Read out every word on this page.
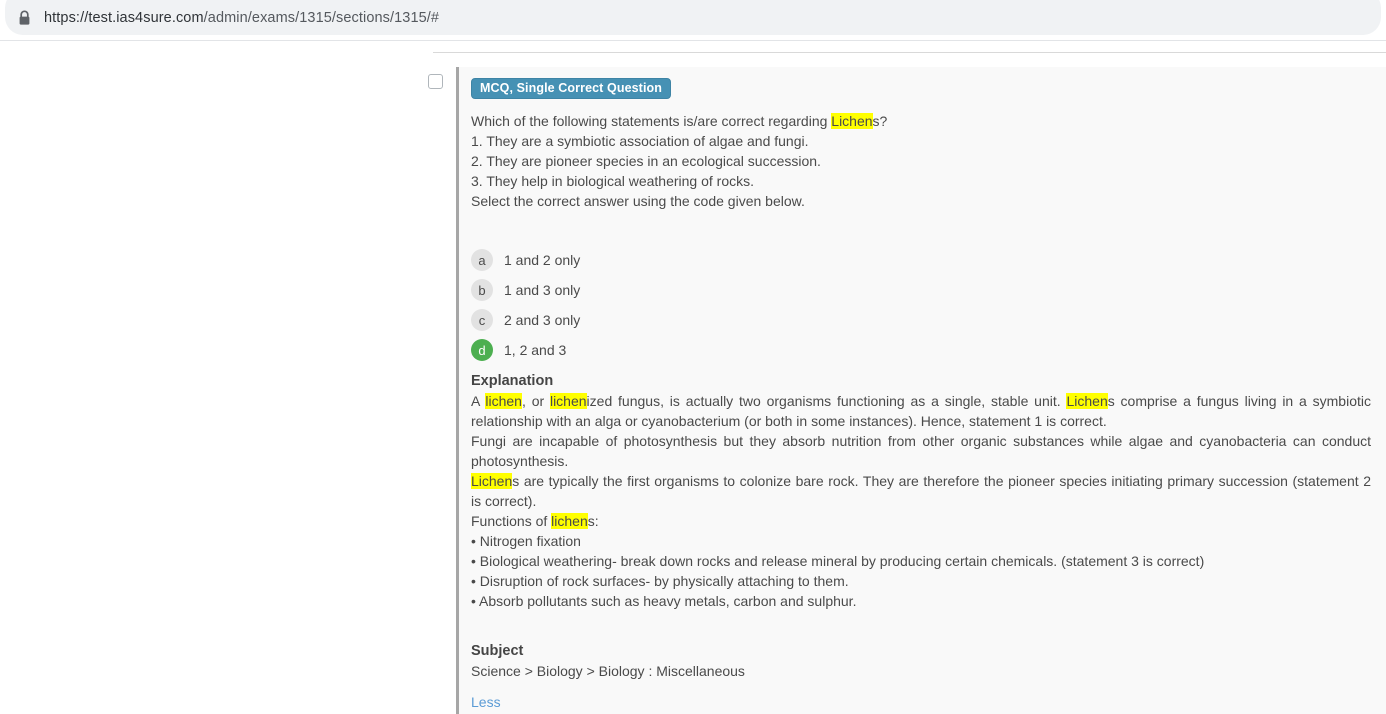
https://test.ias4sure.com/admin/exams/1315/sections/1315/#
MCQ, Single Correct Question
Which of the following statements is/are correct regarding Lichens?
1. They are a symbiotic association of algae and fungi.
2. They are pioneer species in an ecological succession.
3. They help in biological weathering of rocks.
Select the correct answer using the code given below.
a	1 and 2 only
b	1 and 3 only
c	2 and 3 only
d	1, 2 and 3
Explanation
A lichen, or lichenized fungus, is actually two organisms functioning as a single, stable unit. Lichens comprise a fungus living in a symbiotic relationship with an alga or cyanobacterium (or both in some instances). Hence, statement 1 is correct.
Fungi are incapable of photosynthesis but they absorb nutrition from other organic substances while algae and cyanobacteria can conduct photosynthesis.
Lichens are typically the first organisms to colonize bare rock. They are therefore the pioneer species initiating primary succession (statement 2 is correct).
Functions of lichens:
• Nitrogen fixation
• Biological weathering- break down rocks and release mineral by producing certain chemicals. (statement 3 is correct)
• Disruption of rock surfaces- by physically attaching to them.
• Absorb pollutants such as heavy metals, carbon and sulphur.
Subject
Science > Biology > Biology : Miscellaneous
Less
